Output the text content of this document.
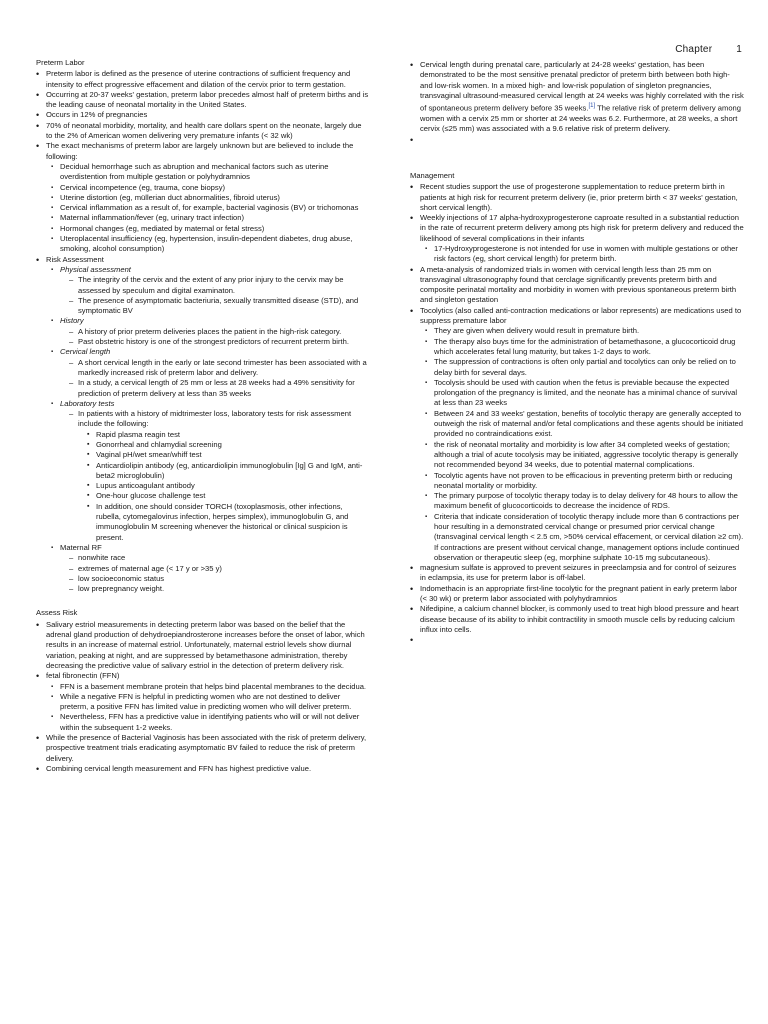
Chapter 1
Preterm Labor
• Preterm labor is defined as the presence of uterine contractions of sufficient frequency and intensity to effect progressive effacement and dilation of the cervix prior to term gestation.
• Occurring at 20-37 weeks' gestation, preterm labor precedes almost half of preterm births and is the leading cause of neonatal mortality in the United States.
• Occurs in 12% of pregnancies
• 70% of neonatal morbidity, mortality, and health care dollars spent on the neonate, largely due to the 2% of American women delivering very premature infants (< 32 wk)
• The exact mechanisms of preterm labor are largely unknown but are believed to include the following:
▪ Decidual hemorrhage such as abruption and mechanical factors such as uterine overdistention from multiple gestation or polyhydramnios
▪ Cervical incompetence (eg, trauma, cone biopsy)
▪ Uterine distortion (eg, müllerian duct abnormalities, fibroid uterus)
▪ Cervical inflammation as a result of, for example, bacterial vaginosis (BV) or trichomonas
▪ Maternal inflammation/fever (eg, urinary tract infection)
▪ Hormonal changes (eg, mediated by maternal or fetal stress)
▪ Uteroplacental insufficiency (eg, hypertension, insulin-dependent diabetes, drug abuse, smoking, alcohol consumption)
• Risk Assessment
▪ Physical assessment
– The integrity of the cervix and the extent of any prior injury to the cervix may be assessed by speculum and digital examinaton.
– The presence of asymptomatic bacteriuria, sexually transmitted disease (STD), and symptomatic BV
▪ History
– A history of prior preterm deliveries places the patient in the high-risk category.
– Past obstetric history is one of the strongest predictors of recurrent preterm birth.
▪ Cervical length
– A short cervical length in the early or late second trimester has been associated with a markedly increased risk of preterm labor and delivery.
– In a study, a cervical length of 25 mm or less at 28 weeks had a 49% sensitivity for prediction of preterm delivery at less than 35 weeks
▪ Laboratory tests
– In patients with a history of midtrimester loss, laboratory tests for risk assessment include the following:
▪ Rapid plasma reagin test
▪ Gonorrheal and chlamydial screening
▪ Vaginal pH/wet smear/whiff test
▪ Anticardiolipin antibody (eg, anticardiolipin immunoglobulin [Ig] G and IgM, anti-beta2 microglobulin)
▪ Lupus anticoagulant antibody
▪ One-hour glucose challenge test
▪ In addition, one should consider TORCH (toxoplasmosis, other infections, rubella, cytomegalovirus infection, herpes simplex), immunoglobulin G, and immunoglobulin M screening whenever the historical or clinical suspicion is present.
▪ Maternal RF
– nonwhite race
– extremes of maternal age (< 17 y or >35 y)
– low socioeconomic status
– low prepregnancy weight.
Assess Risk
• Salivary estriol measurements in detecting preterm labor was based on the belief that the adrenal gland production of dehydroepiandrosterone increases before the onset of labor, which results in an increase of maternal estriol. Unfortunately, maternal estriol levels show diurnal variation, peaking at night, and are suppressed by betamethasone administration, thereby decreasing the predictive value of salivary estriol in the detection of preterm delivery risk.
• fetal fibronectin (FFN)
▪ FFN is a basement membrane protein that helps bind placental membranes to the decidua.
▪ While a negative FFN is helpful in predicting women who are not destined to deliver preterm, a positive FFN has limited value in predicting women who will deliver preterm.
▪ Nevertheless, FFN has a predictive value in identifying patients who will or will not deliver within the subsequent 1-2 weeks.
• While the presence of Bacterial Vaginosis has been associated with the risk of preterm delivery, prospective treatment trials eradicating asymptomatic BV failed to reduce the risk of preterm delivery.
• Combining cervical length measurement and FFN has highest predictive value.
• Cervical length during prenatal care, particularly at 24-28 weeks' gestation, has been demonstrated to be the most sensitive prenatal predictor of preterm birth between both high- and low-risk women. In a mixed high- and low-risk population of singleton pregnancies, transvaginal ultrasound-measured cervical length at 24 weeks was highly correlated with the risk of spontaneous preterm delivery before 35 weeks.[1] The relative risk of preterm delivery among women with a cervix 25 mm or shorter at 24 weeks was 6.2. Furthermore, at 28 weeks, a short cervix (≤25 mm) was associated with a 9.6 relative risk of preterm delivery.
•
Management
• Recent studies support the use of progesterone supplementation to reduce preterm birth in patients at high risk for recurrent preterm delivery (ie, prior preterm birth < 37 weeks' gestation, short cervical length).
• Weekly injections of 17 alpha-hydroxyprogesterone caproate resulted in a substantial reduction in the rate of recurrent preterm delivery among pts high risk for preterm delivery and reduced the likelihood of several complications in their infants
▪ 17-Hydroxyprogesterone is not intended for use in women with multiple gestations or other risk factors (eg, short cervical length) for preterm birth.
• A meta-analysis of randomized trials in women with cervical length less than 25 mm on transvaginal ultrasonography found that cerclage significantly prevents preterm birth and composite perinatal mortality and morbidity in women with previous spontaneous preterm birth and singleton gestation
• Tocolytics (also called anti-contraction medications or labor represents) are medications used to suppress premature labor
▪ They are given when delivery would result in premature birth.
▪ The therapy also buys time for the administration of betamethasone, a glucocorticoid drug which accelerates fetal lung maturity, but takes 1-2 days to work.
▪ The suppression of contractions is often only partial and tocolytics can only be relied on to delay birth for several days.
▪ Tocolysis should be used with caution when the fetus is previable because the expected prolongation of the pregnancy is limited, and the neonate has a minimal chance of survival at less than 23 weeks
▪ Between 24 and 33 weeks' gestation, benefits of tocolytic therapy are generally accepted to outweigh the risk of maternal and/or fetal complications and these agents should be initiated provided no contraindications exist.
▪ the risk of neonatal mortality and morbidity is low after 34 completed weeks of gestation; although a trial of acute tocolysis may be initiated, aggressive tocolytic therapy is generally not recommended beyond 34 weeks, due to potential maternal complications.
▪ Tocolytic agents have not proven to be efficacious in preventing preterm birth or reducing neonatal mortality or morbidity.
▪ The primary purpose of tocolytic therapy today is to delay delivery for 48 hours to allow the maximum benefit of glucocorticoids to decrease the incidence of RDS.
▪ Criteria that indicate consideration of tocolytic therapy include more than 6 contractions per hour resulting in a demonstrated cervical change or presumed prior cervical change (transvaginal cervical length < 2.5 cm, >50% cervical effacement, or cervical dilation ≥2 cm). If contractions are present without cervical change, management options include continued observation or therapeutic sleep (eg, morphine sulphate 10-15 mg subcutaneous).
• magnesium sulfate is approved to prevent seizures in preeclampsia and for control of seizures in eclampsia, its use for preterm labor is off-label.
• Indomethacin is an appropriate first-line tocolytic for the pregnant patient in early preterm labor (< 30 wk) or preterm labor associated with polyhydramnios
• Nifedipine, a calcium channel blocker, is commonly used to treat high blood pressure and heart disease because of its ability to inhibit contractility in smooth muscle cells by reducing calcium influx into cells.
•
